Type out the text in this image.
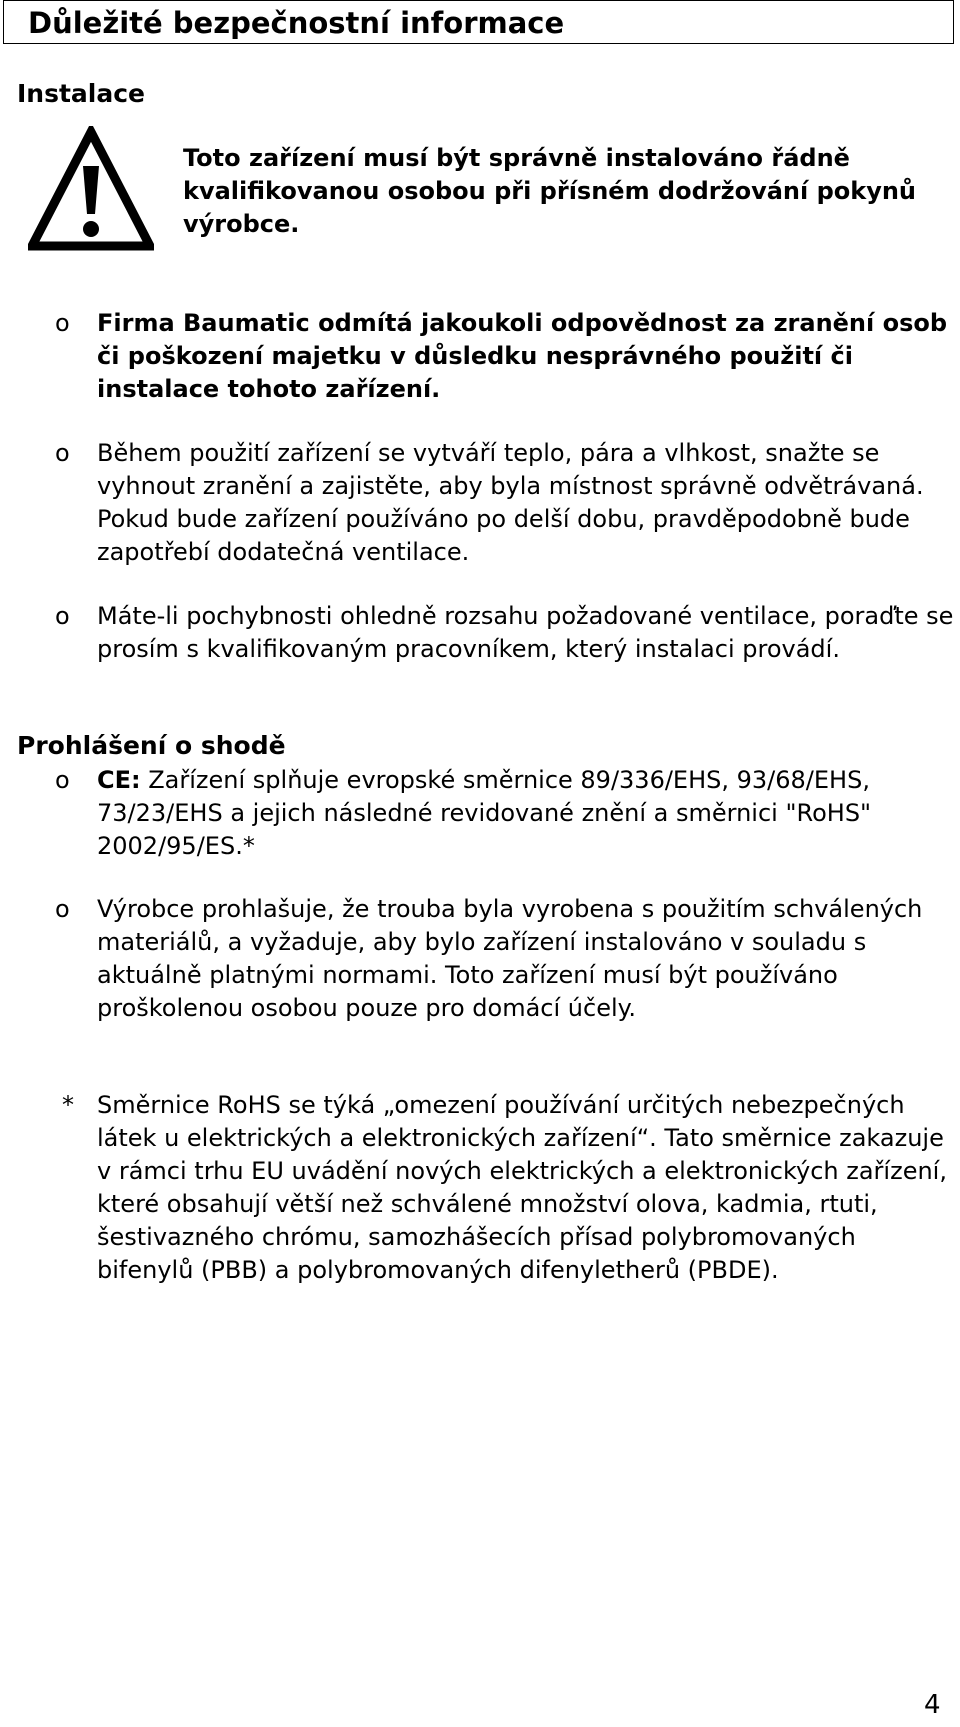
Důležité bezpečnostní informace
Instalace
Toto zařízení musí být správně instalováno řádně kvalifikovanou osobou při přísném dodržování pokynů výrobce.
o	Firma Baumatic odmítá jakoukoli odpovědnost za zranění osob či poškození majetku v důsledku nesprávného použití či instalace tohoto zařízení.
o	Během použití zařízení se vytváří teplo, pára a vlhkost, snažte se vyhnout zranění a zajistěte, aby byla místnost správně odvětrávaná. Pokud bude zařízení používáno po delší dobu, pravděpodobně bude zapotřebí dodatečná ventilace.
o	Máte-li pochybnosti ohledně rozsahu požadované ventilace, poraďte se prosím s kvalifikovaným pracovníkem, který instalaci provádí.
Prohlášení o shodě
o	CE: Zařízení splňuje evropské směrnice 89/336/EHS, 93/68/EHS, 73/23/EHS a jejich následné revidované znění a směrnici "RoHS" 2002/95/ES.*
o	Výrobce prohlašuje, že trouba byla vyrobena s použitím schválených materiálů, a vyžaduje, aby bylo zařízení instalováno v souladu s aktuálně platnými normami. Toto zařízení musí být používáno proškolenou osobou pouze pro domácí účely.
* Směrnice RoHS se týká „omezení používání určitých nebezpečných látek u elektrických a elektronických zařízení“. Tato směrnice zakazuje v rámci trhu EU uvádění nových elektrických a elektronických zařízení, které obsahují větší než schválené množství olova, kadmia, rtuti, šestivazného chrómu, samozhášecích přísad polybromovaných bifenylů (PBB) a polybromovaných difenyletherů (PBDE).
4
